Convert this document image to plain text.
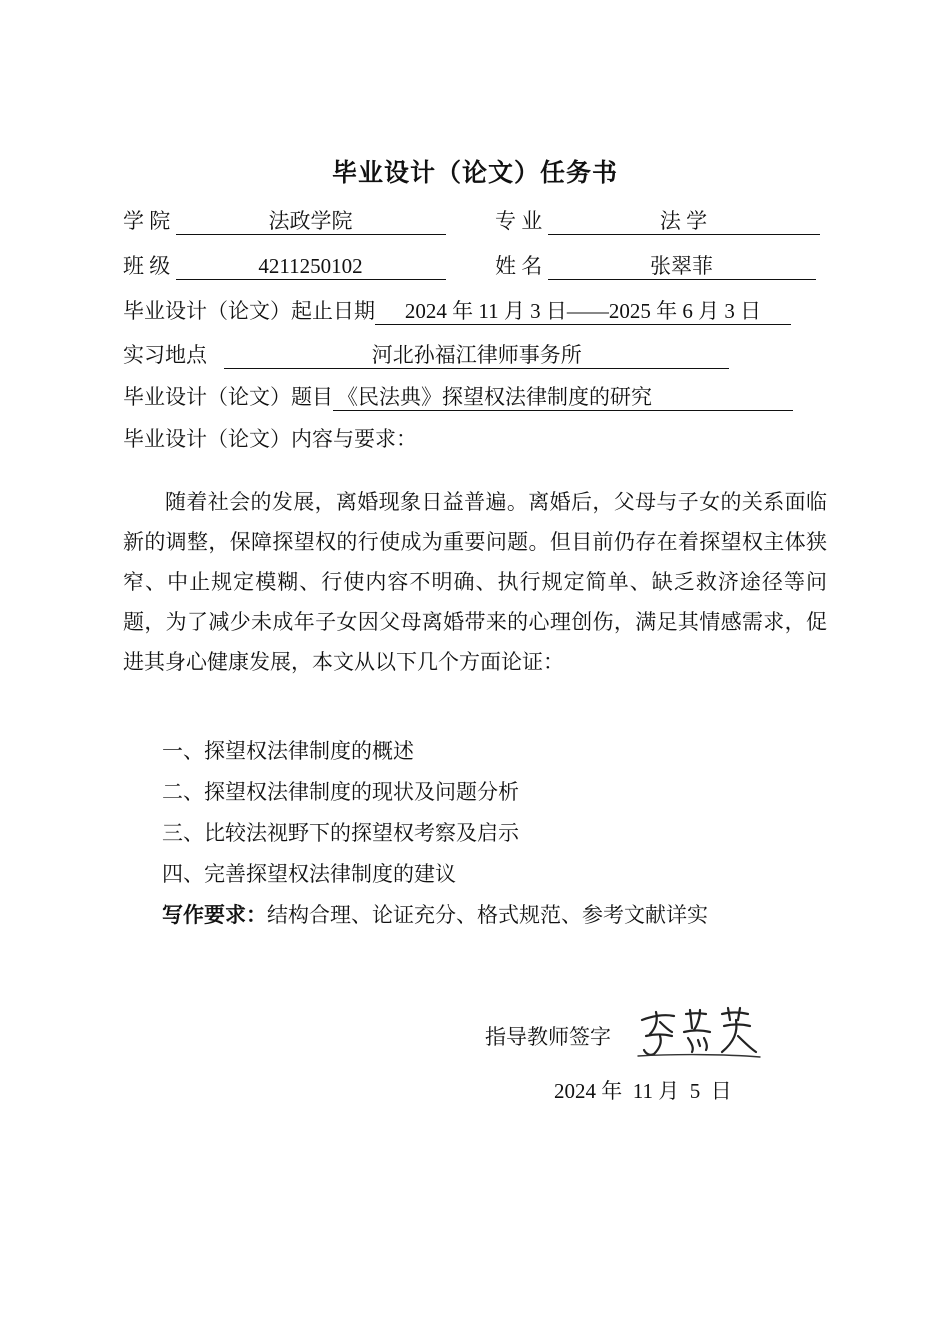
毕业设计（论文）任务书
学 院	法政学院	专 业	法 学
班 级	4211250102	姓 名	张翠菲
毕业设计（论文）起止日期 2024 年 11 月 3 日——2025 年 6 月 3 日
实习地点	河北孙福江律师事务所
毕业设计（论文）题目 《民法典》探望权法律制度的研究
毕业设计（论文）内容与要求：
随着社会的发展，离婚现象日益普遍。离婚后，父母与子女的关系面临新的调整，保障探望权的行使成为重要问题。但目前仍存在着探望权主体狭窄、中止规定模糊、行使内容不明确、执行规定简单、缺乏救济途径等问题，为了减少未成年子女因父母离婚带来的心理创伤，满足其情感需求，促进其身心健康发展，本文从以下几个方面论证：
一、探望权法律制度的概述
二、探望权法律制度的现状及问题分析
三、比较法视野下的探望权考察及启示
四、完善探望权法律制度的建议
写作要求：结构合理、论证充分、格式规范、参考文献详实
指导教师签字
2024 年  11 月  5  日
